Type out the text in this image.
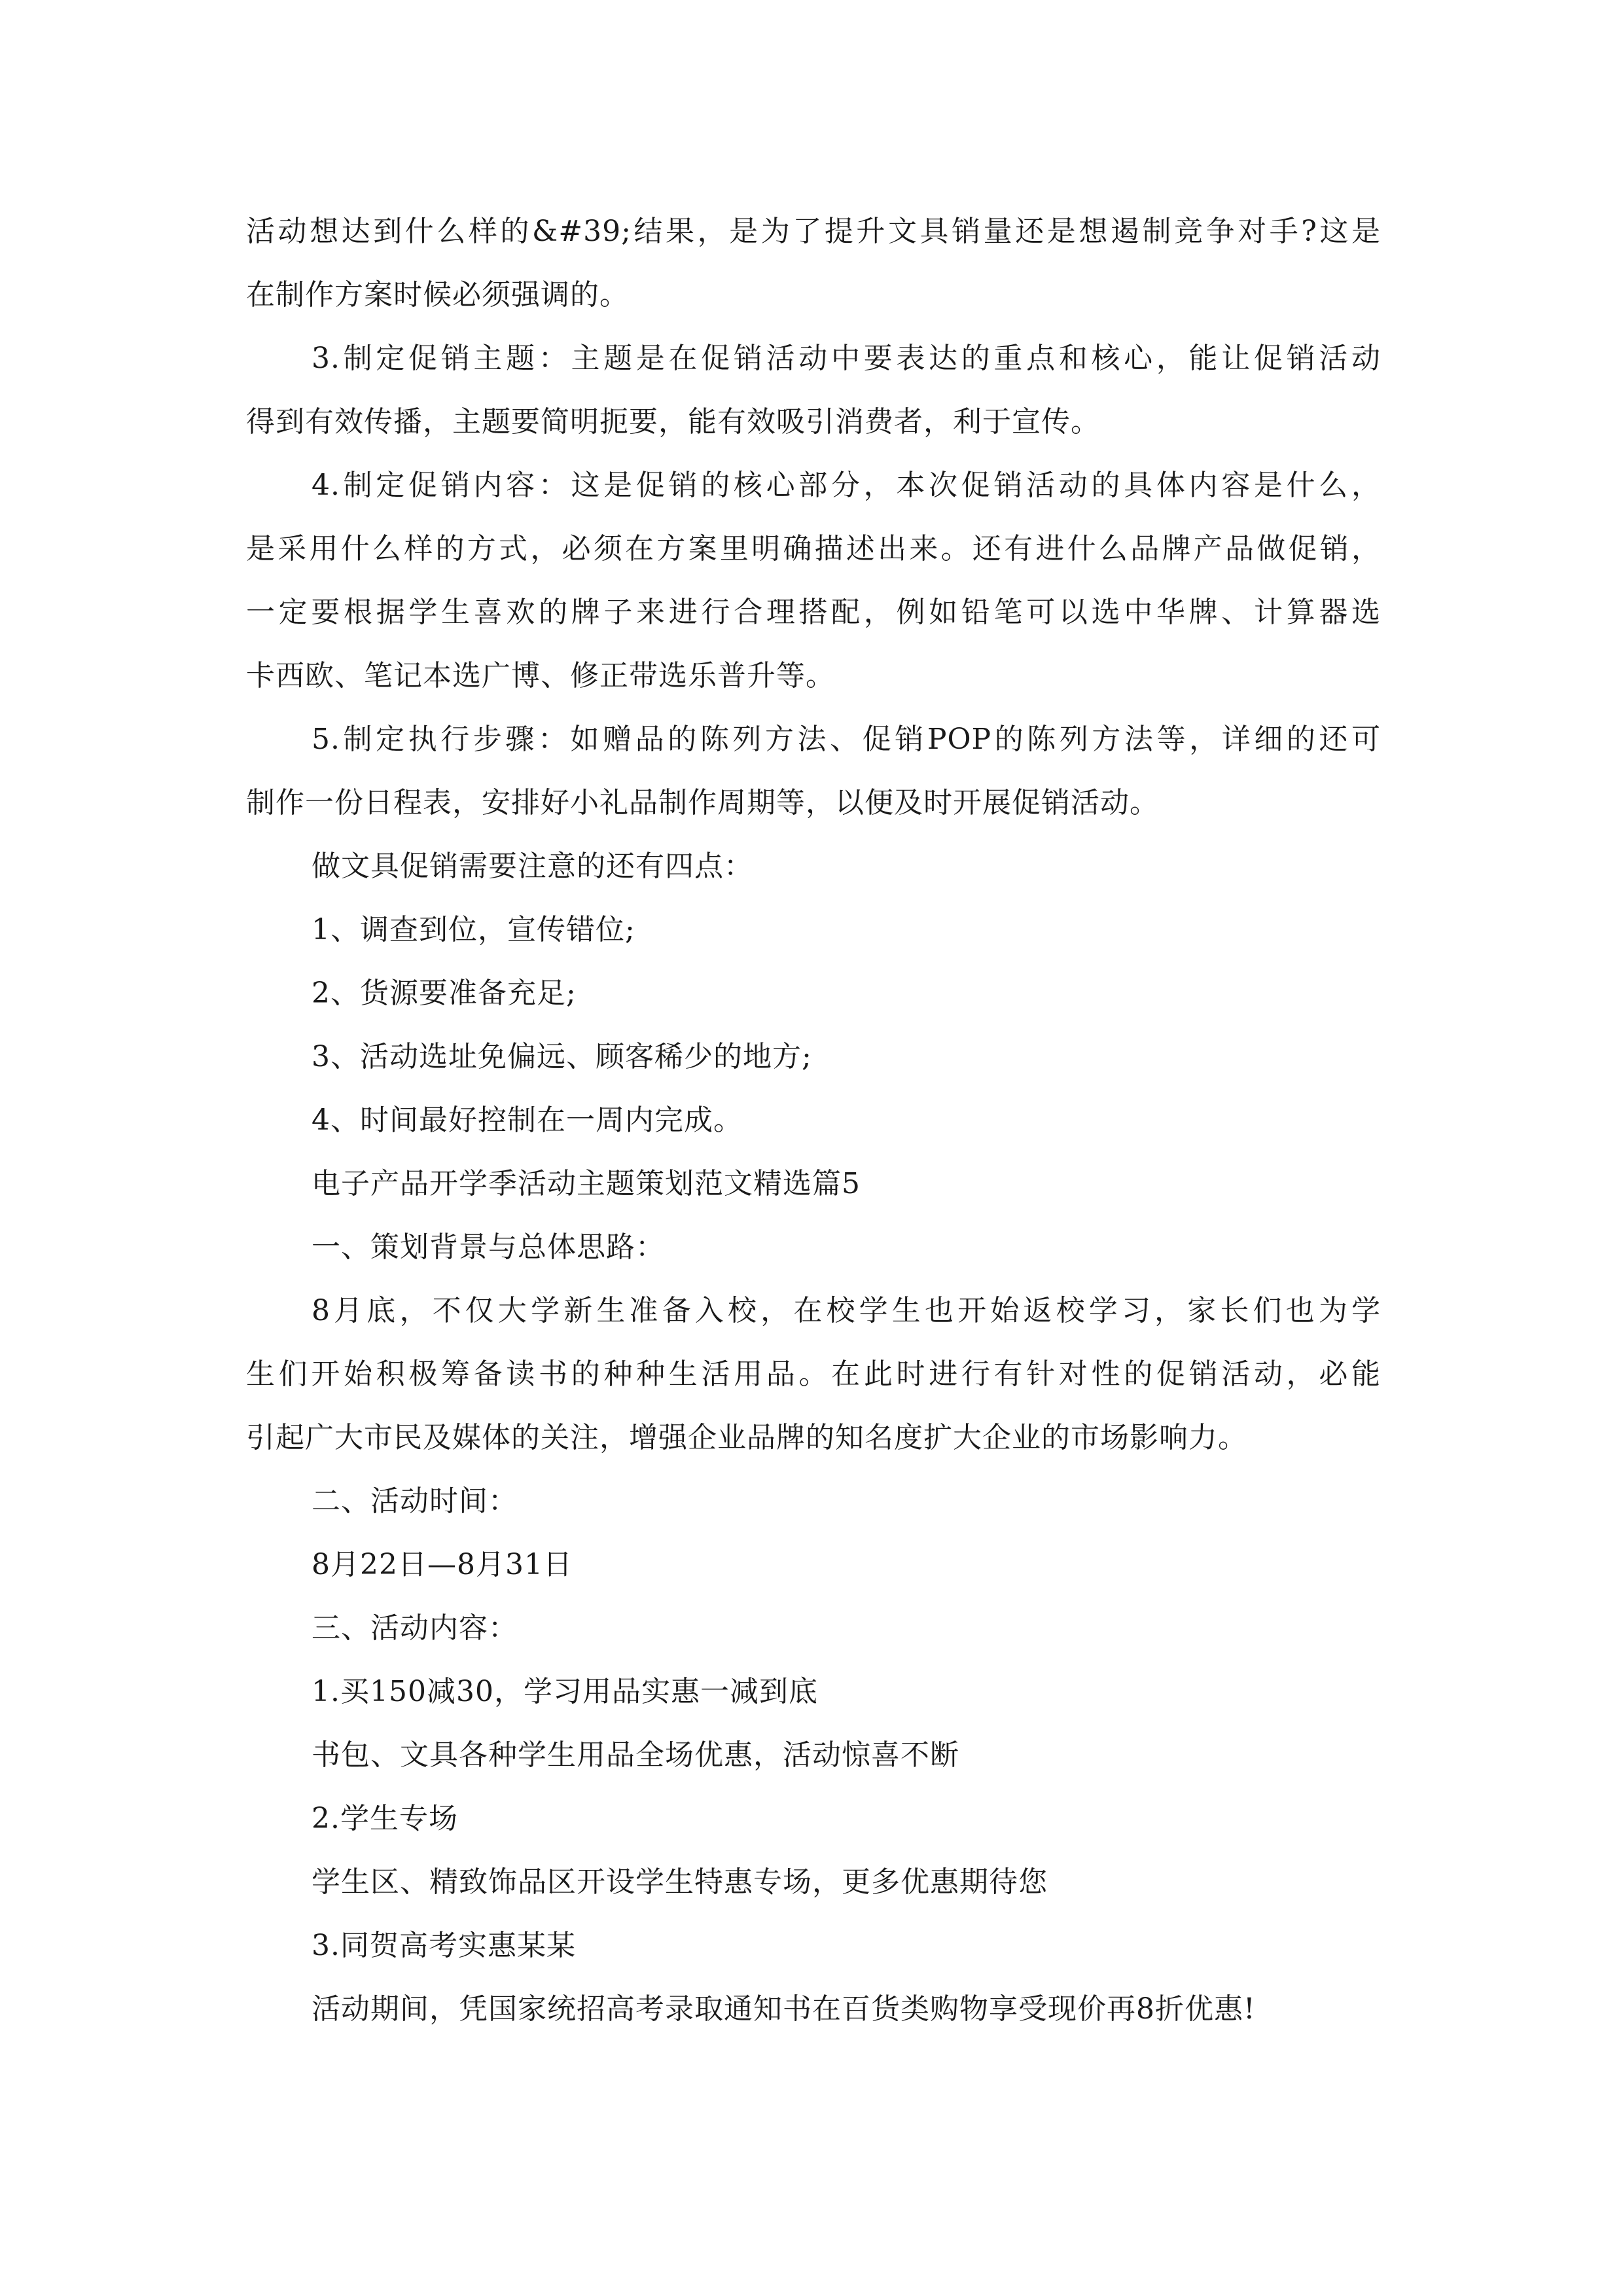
活动想达到什么样的&#39;结果，是为了提升文具销量还是想遏制竞争对手?这是
在制作方案时候必须强调的。
3.制定促销主题：主题是在促销活动中要表达的重点和核心，能让促销活动
得到有效传播，主题要简明扼要，能有效吸引消费者，利于宣传。
4.制定促销内容：这是促销的核心部分，本次促销活动的具体内容是什么，
是采用什么样的方式，必须在方案里明确描述出来。还有进什么品牌产品做促销，
一定要根据学生喜欢的牌子来进行合理搭配，例如铅笔可以选中华牌、计算器选
卡西欧、笔记本选广博、修正带选乐普升等。
5.制定执行步骤：如赠品的陈列方法、促销POP的陈列方法等，详细的还可
制作一份日程表，安排好小礼品制作周期等，以便及时开展促销活动。
做文具促销需要注意的还有四点：
1、调查到位，宣传错位;
2、货源要准备充足;
3、活动选址免偏远、顾客稀少的地方;
4、时间最好控制在一周内完成。
电子产品开学季活动主题策划范文精选篇5
一、策划背景与总体思路：
8月底，不仅大学新生准备入校，在校学生也开始返校学习，家长们也为学
生们开始积极筹备读书的种种生活用品。在此时进行有针对性的促销活动，必能
引起广大市民及媒体的关注，增强企业品牌的知名度扩大企业的市场影响力。
二、活动时间：
8月22日—8月31日
三、活动内容：
1.买150减30，学习用品实惠一减到底
书包、文具各种学生用品全场优惠，活动惊喜不断
2.学生专场
学生区、精致饰品区开设学生特惠专场，更多优惠期待您
3.同贺高考实惠某某
活动期间，凭国家统招高考录取通知书在百货类购物享受现价再8折优惠!
